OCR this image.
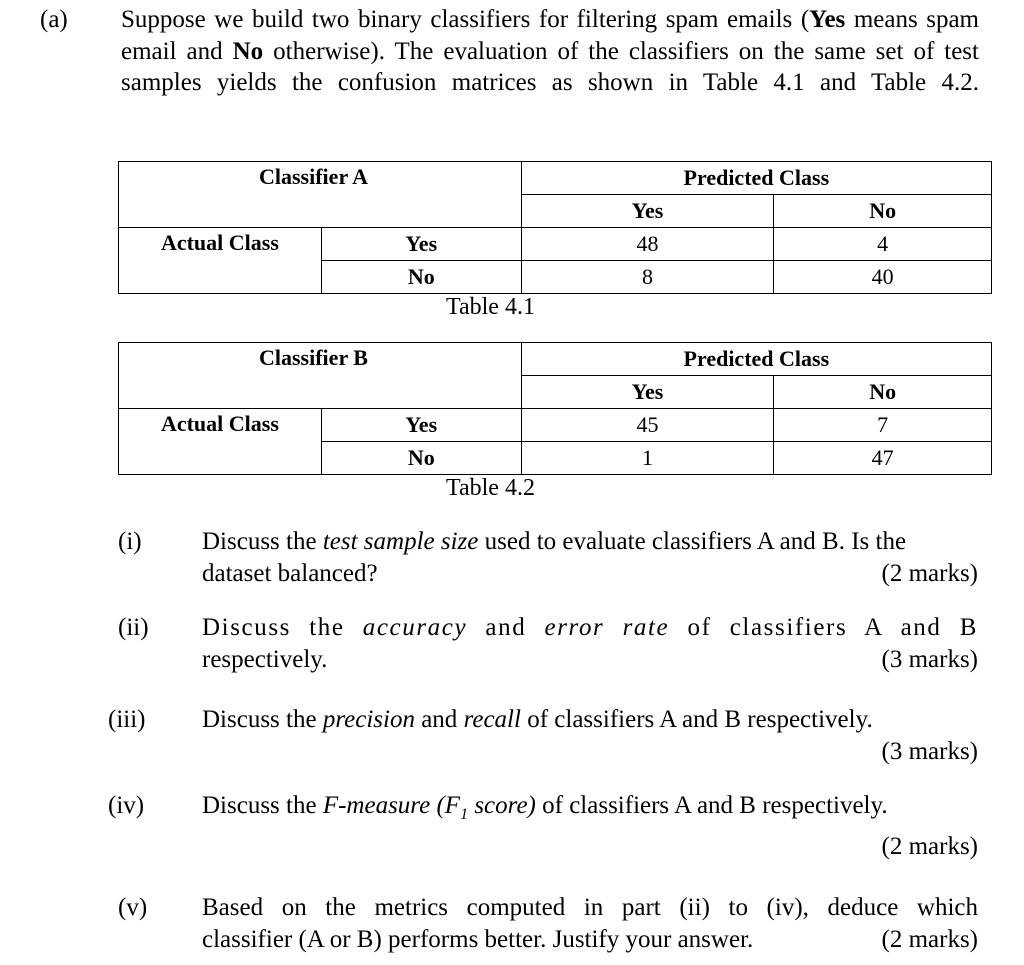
(a) Suppose we build two binary classifiers for filtering spam emails (Yes means spam email and No otherwise). The evaluation of the classifiers on the same set of test samples yields the confusion matrices as shown in Table 4.1 and Table 4.2.
Classifier A		Predicted Class	
		Yes	No

Actual Class	Yes	48	4
	No	8	40
Table 4.1
Classifier B		Predicted Class	
		Yes	No

Actual Class	Yes	45	7
	No	1	47
Table 4.2
(i) Discuss the test sample size used to evaluate classifiers A and B. Is the
dataset balanced?	(2 marks)
(ii) Discuss the accuracy and error rate of classifiers A and B
respectively.	(3 marks)
(iii) Discuss the precision and recall of classifiers A and B respectively.
(3 marks)
(iv) Discuss the F-measure ($F_1$ score) of classifiers A and B respectively.
(2 marks)
(v) Based on the metrics computed in part (ii) to (iv), deduce which
classifier (A or B) performs better. Justify your answer.	(2 marks)
